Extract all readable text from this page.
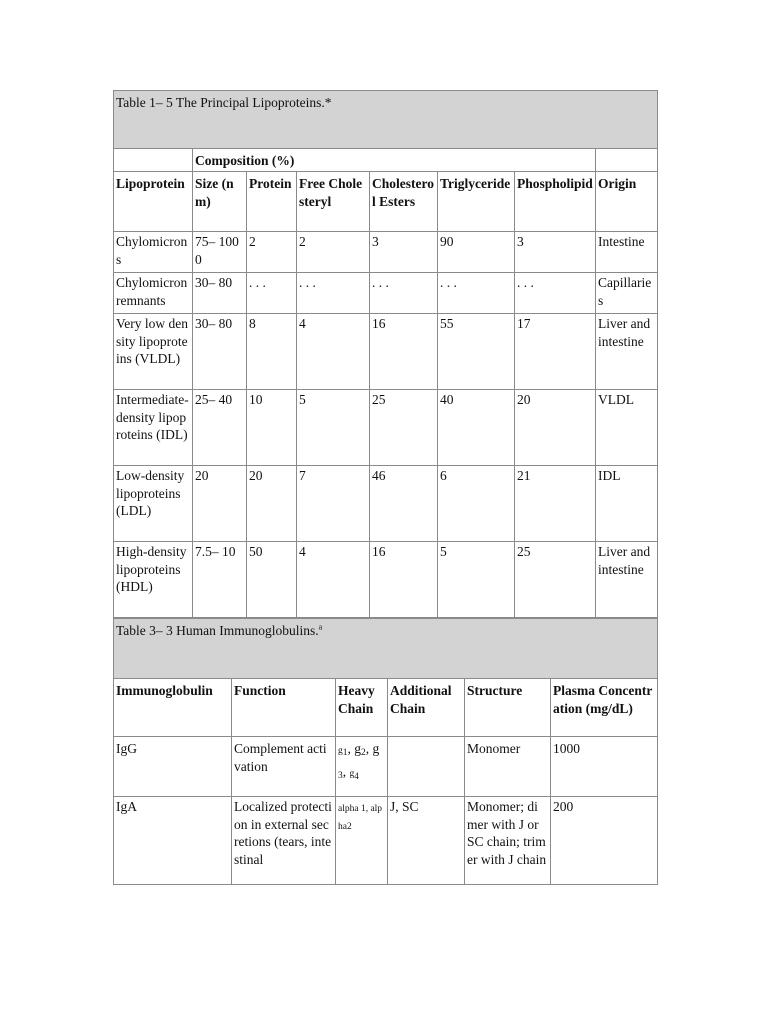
Table 1– 5 The Principal Lipoproteins.*							
	Composition (%)						
Lipoprotein	Size (nm)	Protein	Free Cholesteryl	Cholesterol Esters	Triglyceride	Phospholipid	Origin
Chylomicrons	75– 1000	2	2	3	90	3	Intestine
Chylomicron remnants	30– 80	. . .	. . .	. . .	. . .	. . .	Capillaries
Very low density lipoproteins (VLDL)	30– 80	8	4	16	55	17	Liver and intestine
Intermediate-density lipoproteins (IDL)	25– 40	10	5	25	40	20	VLDL
Low-density lipoproteins (LDL)	20	20	7	46	6	21	IDL
High-density lipoproteins (HDL)	7.5– 10	50	4	16	5	25	Liver and intestine
Table 3– 3 Human Immunoglobulins.$^a$
Immunoglobulin	Function	Heavy Chain	Additional Chain	Structure	Plasma Concentration (mg/dL)
IgG	Complement activation	$g_1$, $g_2$, $g_3$, $g_4$		Monomer	1000
IgA	Localized protection in external secretions (tears, intestinal	alpha 1, alpha2	J, SC	Monomer; dimer with J or SC chain; trimer with J chain	200
